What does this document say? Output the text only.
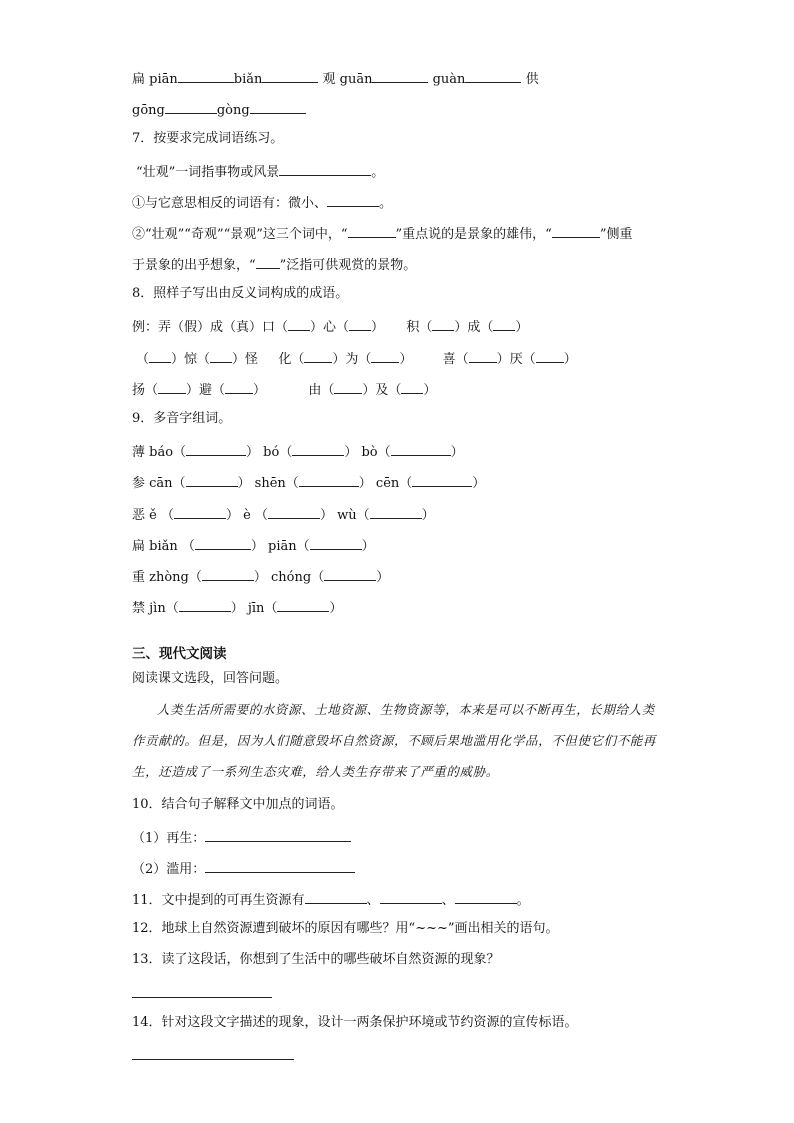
扁 piān	biǎn	观 guān	guàn	供
gōng	gòng
7．按要求完成词语练习。
“壮观”一词指事物或风景	。
①与它意思相反的词语有：微小、	。
②“壮观”“奇观”“景观”这三个词中，“	”重点说的是景象的雄伟，“	”侧重
于景象的出乎想象，“ ”泛指可供观赏的景物。
8．照样子写出由反义词构成的成语。
例：弄（假）成（真）口（ ）心（ ） 积（ ）成（ ）
（ ）惊（ ）怪 化（ ）为（ ） 喜（ ）厌（ ）
扬（ ）避（ ）	由（ ）及（ ）
9．多音字组词。
薄 báo（	） bó（	） bò（	）
参 cān（	） shēn（	） cēn（	）
恶 ě （	） è （	） wù（	）
扁 biǎn （	） piān（	）
重 zhòng（	） chóng（	）
禁 jìn（	） jīn（	）
三、现代文阅读
阅读课文选段，回答问题。
人类生活所需要的水资源、土地资源、生物资源等，本来是可以不断再生，长期给人类作贡献的。但是，因为人们随意毁坏自然资源，不顾后果地滥用化学品，不但使它们不能再生，还造成了一系列生态灾难，给人类生存带来了严重的威胁。
10．结合句子解释文中加点的词语。
（1）再生：
（2）滥用：
11．文中提到的可再生资源有	、	、	。
12．地球上自然资源遭到破坏的原因有哪些？用“~~~”画出相关的语句。
13．读了这段话，你想到了生活中的哪些破坏自然资源的现象？
14．针对这段文字描述的现象，设计一两条保护环境或节约资源的宣传标语。
